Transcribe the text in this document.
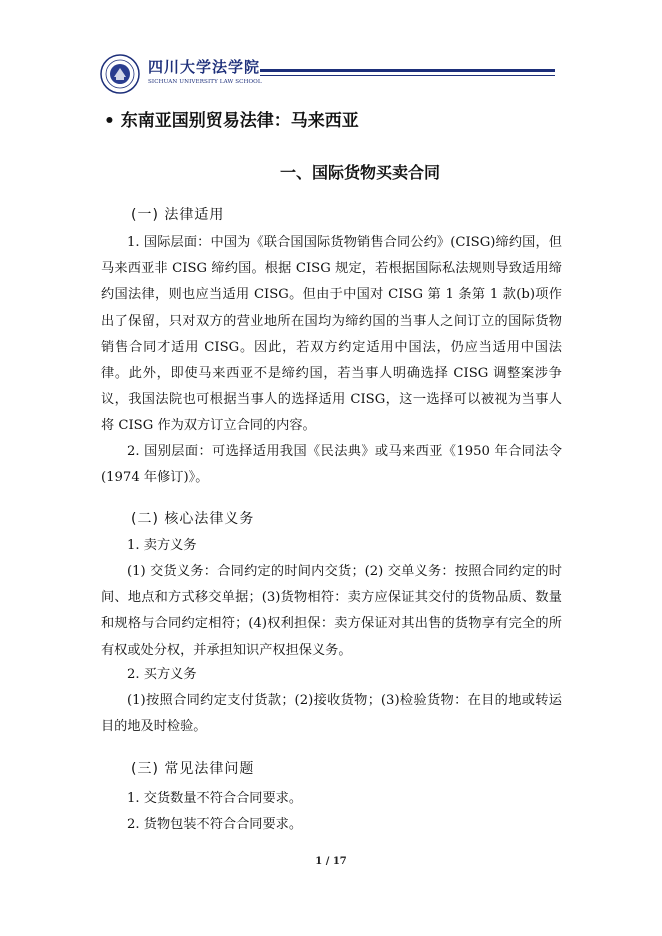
四川大学法学院
SICHUAN UNIVERSITY LAW SCHOOL
• 东南亚国别贸易法律：马来西亚
一、国际货物买卖合同
(一) 法律适用
1. 国际层面：中国为《联合国国际货物销售合同公约》(CISG)缔约国，但马来西亚非 CISG 缔约国。根据 CISG 规定，若根据国际私法规则导致适用缔约国法律，则也应当适用 CISG。但由于中国对 CISG 第 1 条第 1 款(b)项作出了保留，只对双方的营业地所在国均为缔约国的当事人之间订立的国际货物销售合同才适用 CISG。因此，若双方约定适用中国法，仍应当适用中国法律。此外，即使马来西亚不是缔约国，若当事人明确选择 CISG 调整案涉争议，我国法院也可根据当事人的选择适用 CISG，这一选择可以被视为当事人将 CISG 作为双方订立合同的内容。
2. 国别层面：可选择适用我国《民法典》或马来西亚《1950 年合同法令(1974 年修订)》。
(二) 核心法律义务
1. 卖方义务
(1) 交货义务：合同约定的时间内交货；(2) 交单义务：按照合同约定的时间、地点和方式移交单据；(3)货物相符：卖方应保证其交付的货物品质、数量和规格与合同约定相符；(4)权利担保：卖方保证对其出售的货物享有完全的所有权或处分权，并承担知识产权担保义务。
2. 买方义务
(1)按照合同约定支付货款；(2)接收货物；(3)检验货物：在目的地或转运目的地及时检验。
(三) 常见法律问题
1. 交货数量不符合合同要求。
2. 货物包装不符合合同要求。
1 / 17
